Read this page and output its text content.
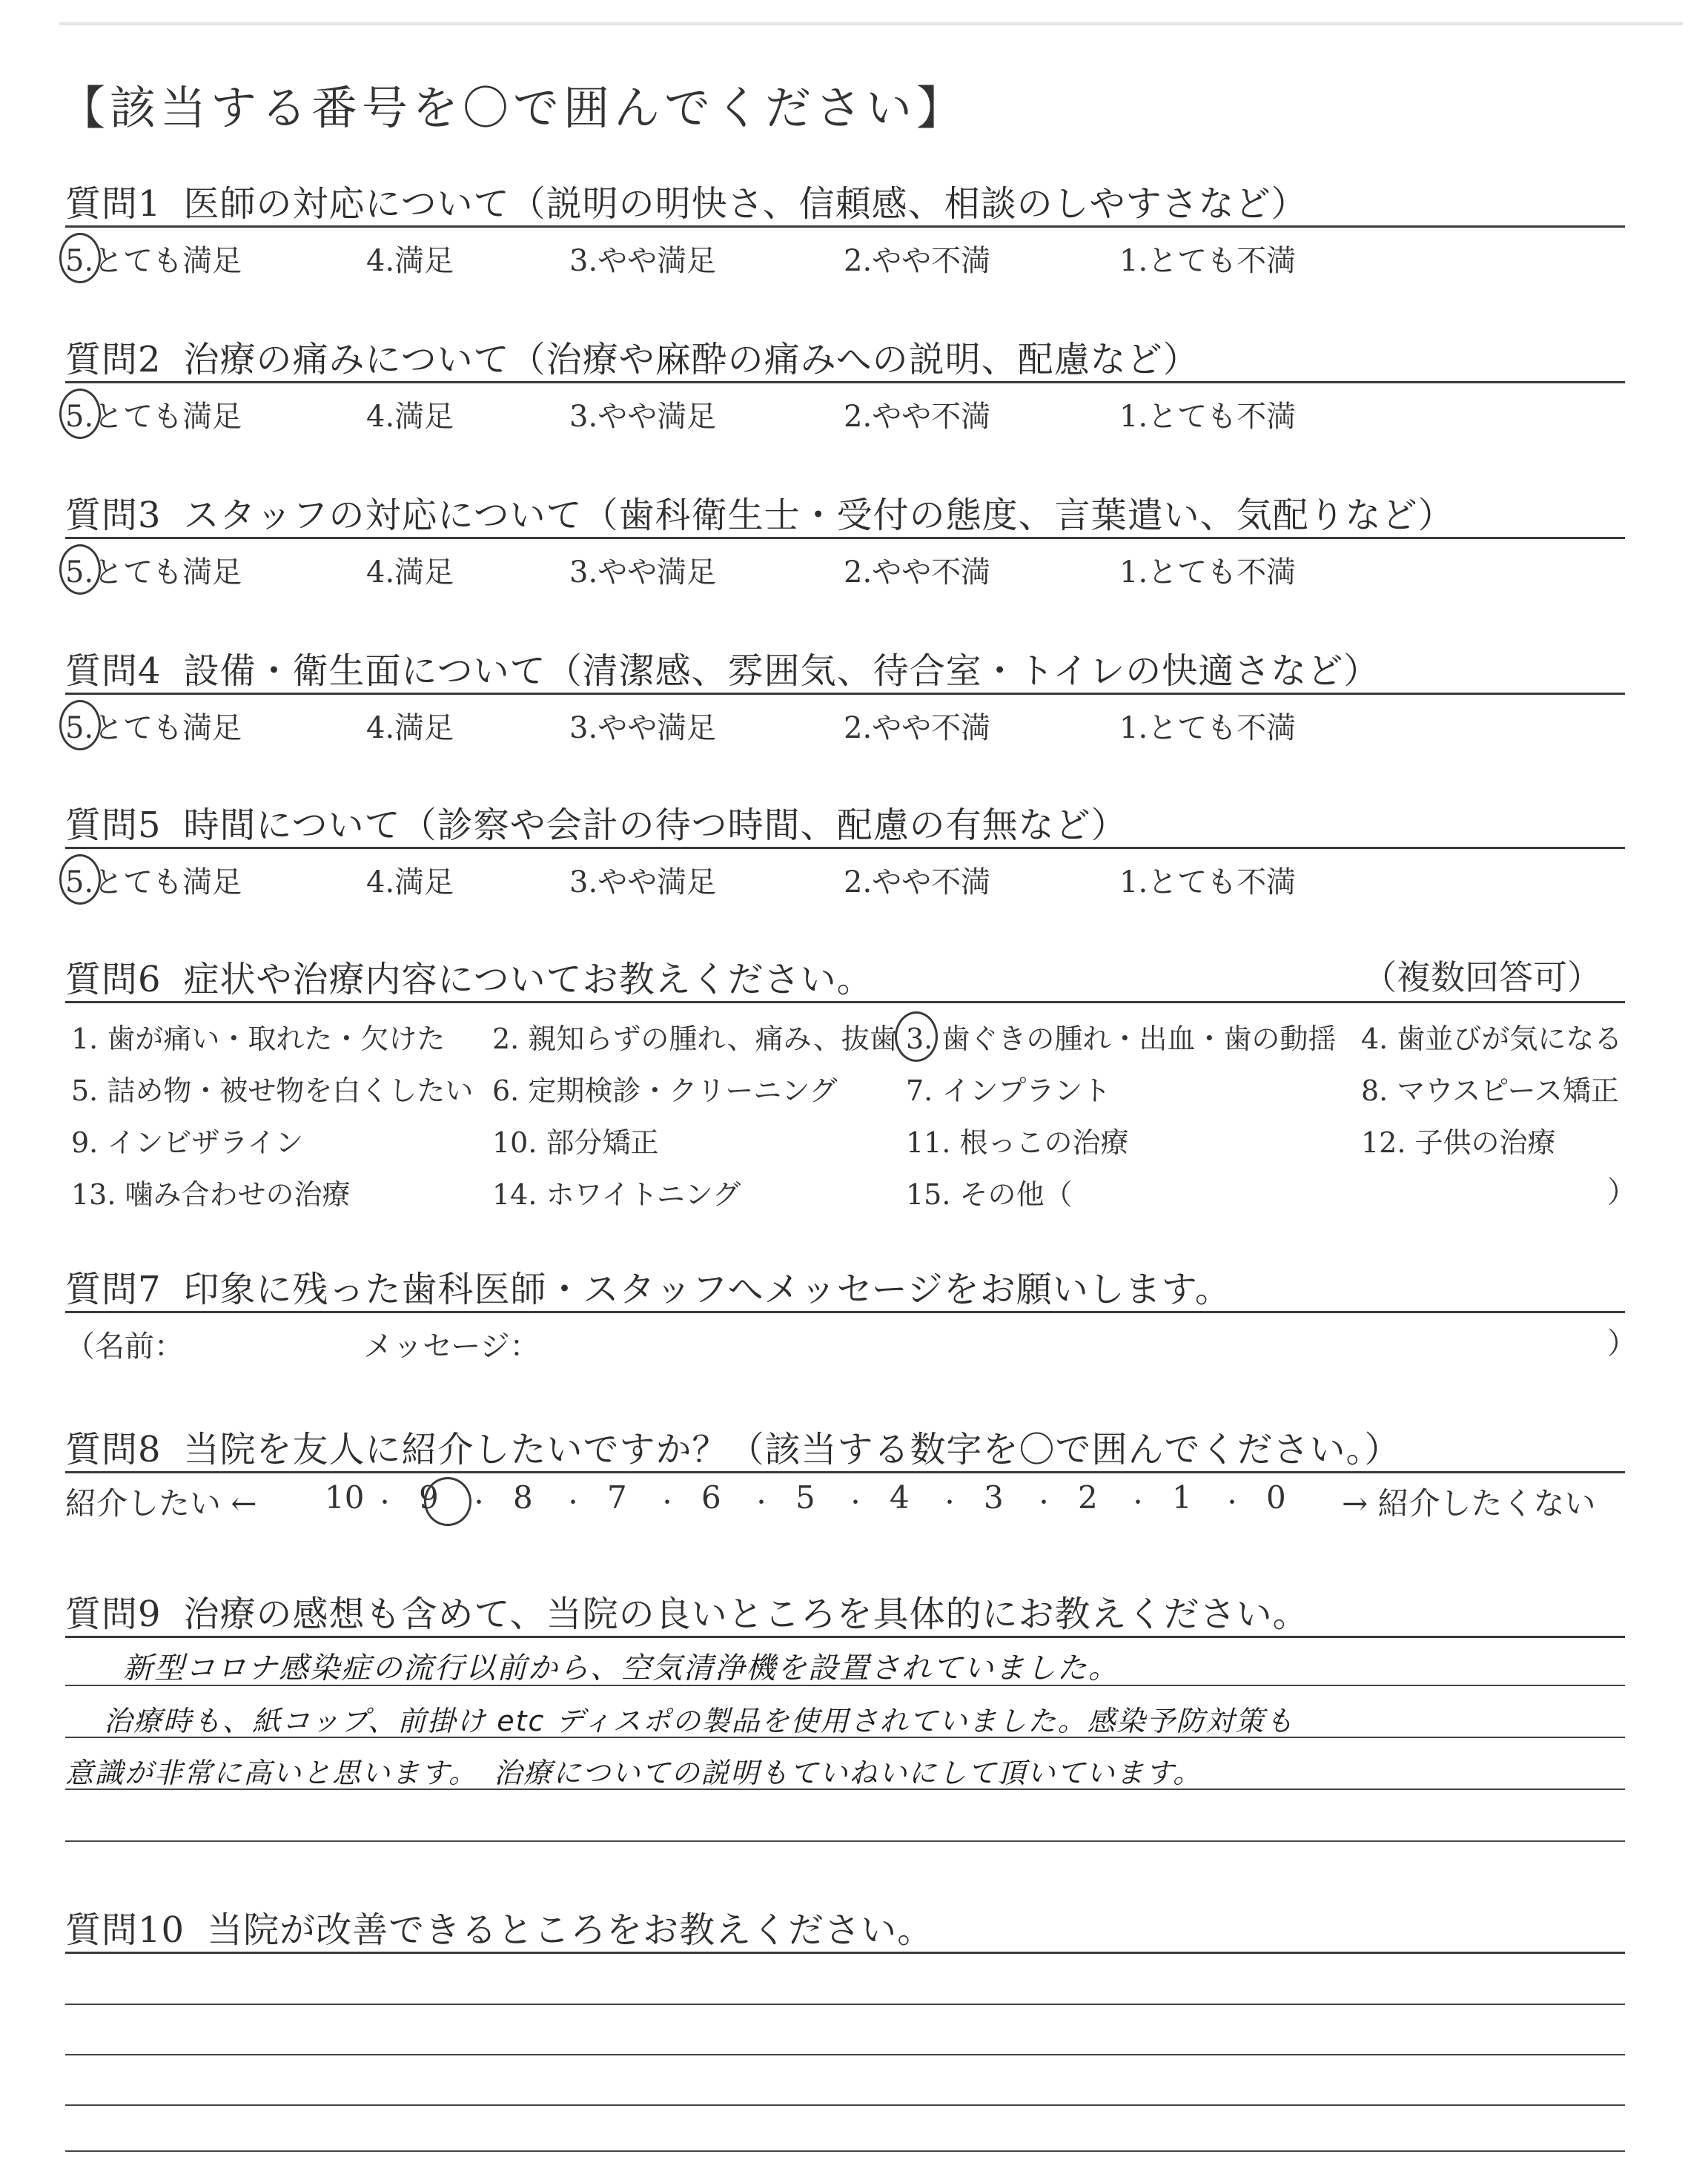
【該当する番号を〇で囲んでください】
質問1 医師の対応について（説明の明快さ、信頼感、相談のしやすさなど）
5.とても満足	4.満足	3.やや満足	2.やや不満	1.とても不満
質問2 治療の痛みについて（治療や麻酔の痛みへの説明、配慮など）
5.とても満足	4.満足	3.やや満足	2.やや不満	1.とても不満
質問3 スタッフの対応について（歯科衛生士・受付の態度、言葉遣い、気配りなど）
5.とても満足	4.満足	3.やや満足	2.やや不満	1.とても不満
質問4 設備・衛生面について（清潔感、雰囲気、待合室・トイレの快適さなど）
5.とても満足	4.満足	3.やや満足	2.やや不満	1.とても不満
質問5 時間について（診察や会計の待つ時間、配慮の有無など）
5.とても満足	4.満足	3.やや満足	2.やや不満	1.とても不満
質問6 症状や治療内容についてお教えください。	（複数回答可）
1. 歯が痛い・取れた・欠けた 2. 親知らずの腫れ、痛み、抜歯 3. 歯ぐきの腫れ・出血・歯の動揺 4. 歯並びが気になる
5. 詰め物・被せ物を白くしたい 6. 定期検診・クリーニング 7. インプラント	8. マウスピース矯正
9. インビザライン	10. 部分矯正	11. 根っこの治療	12. 子供の治療
13. 噛み合わせの治療	14. ホワイトニング	15. その他（	）
質問7 印象に残った歯科医師・スタッフへメッセージをお願いします。
（名前：	メッセージ：	）
質問8 当院を友人に紹介したいですか？（該当する数字を〇で囲んでください。）
紹介したい ←	→ 紹介したくない
10 ・ 9 ・ 8 ・ 7 ・ 6 ・ 5 ・ 4 ・ 3 ・ 2 ・ 1 ・ 0
質問9 治療の感想も含めて、当院の良いところを具体的にお教えください。
新型コロナ感染症の流行以前から、空気清浄機を設置されていました。
治療時も、紙コップ、前掛け etc ディスポの製品を使用されていました。感染予防対策も
意識が非常に高いと思います。　治療についての説明もていねいにして頂いています。
質問10 当院が改善できるところをお教えください。
